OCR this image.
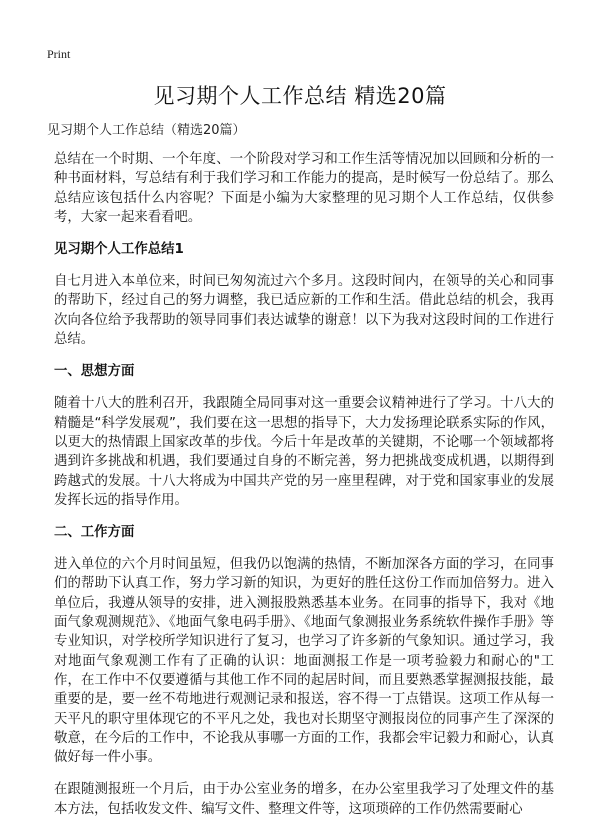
Print
见习期个人工作总结 精选20篇

见习期个人工作总结（精选20篇）

总结在一个时期、一个年度、一个阶段对学习和工作生活等情况加以回顾和分析的一种书面材料，写总结有利于我们学习和工作能力的提高，是时候写一份总结了。那么总结应该包括什么内容呢？下面是小编为大家整理的见习期个人工作总结，仅供参考，大家一起来看看吧。

见习期个人工作总结1

自七月进入本单位来，时间已匆匆流过六个多月。这段时间内，在领导的关心和同事的帮助下，经过自己的努力调整，我已适应新的工作和生活。借此总结的机会，我再次向各位给予我帮助的领导同事们表达诚挚的谢意！以下为我对这段时间的工作进行总结。

一、思想方面

随着十八大的胜利召开，我跟随全局同事对这一重要会议精神进行了学习。十八大的精髓是“科学发展观”，我们要在这一思想的指导下，大力发扬理论联系实际的作风，以更大的热情跟上国家改革的步伐。今后十年是改革的关键期，不论哪一个领域都将遇到许多挑战和机遇，我们要通过自身的不断完善，努力把挑战变成机遇，以期得到跨越式的发展。十八大将成为中国共产党的另一座里程碑，对于党和国家事业的发展发挥长远的指导作用。

二、工作方面

进入单位的六个月时间虽短，但我仍以饱满的热情，不断加深各方面的学习，在同事们的帮助下认真工作，努力学习新的知识，为更好的胜任这份工作而加倍努力。进入单位后，我遵从领导的安排，进入测报股熟悉基本业务。在同事的指导下，我对《地面气象观测规范》、《地面气象电码手册》、《地面气象测报业务系统软件操作手册》等专业知识，对学校所学知识进行了复习，也学习了许多新的气象知识。通过学习，我对地面气象观测工作有了正确的认识：地面测报工作是一项考验毅力和耐心的"工作，在工作中不仅要遵循与其他工作不同的起居时间，而且要熟悉掌握测报技能，最重要的是，要一丝不苟地进行观测记录和报送，容不得一丁点错误。这项工作从每一天平凡的职守里体现它的不平凡之处，我也对长期坚守测报岗位的同事产生了深深的敬意，在今后的工作中，不论我从事哪一方面的工作，我都会牢记毅力和耐心，认真做好每一件小事。

在跟随测报班一个月后，由于办公室业务的增多，在办公室里我学习了处理文件的基本方法，包括收发文件、编写文件、整理文件等，这项琐碎的工作仍然需要耐心
